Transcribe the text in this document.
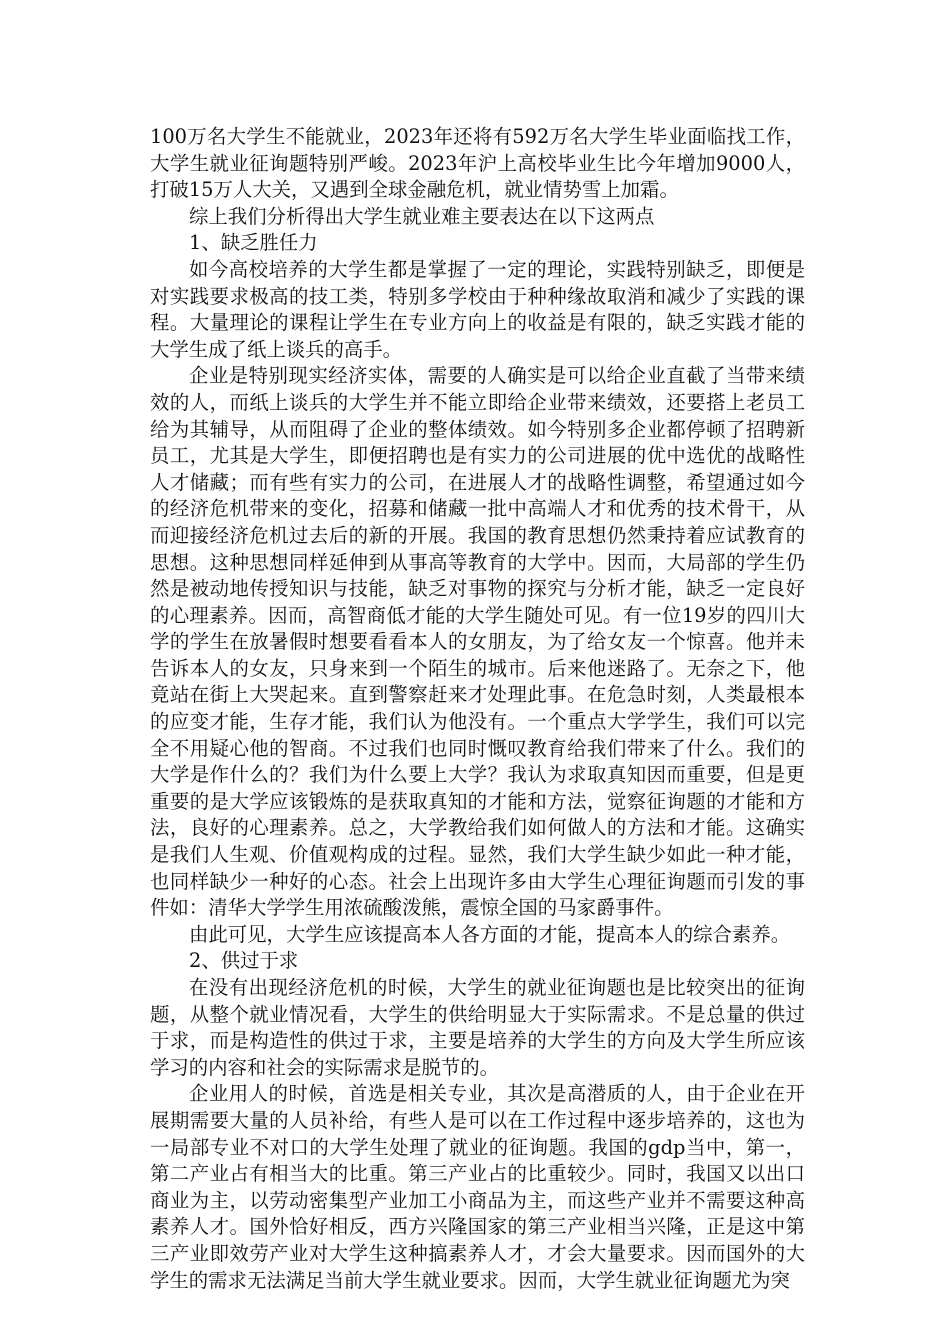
100万名大学生不能就业，2023年还将有592万名大学生毕业面临找工作，大学生就业征询题特别严峻。2023年沪上高校毕业生比今年增加9000人，打破15万人大关，又遇到全球金融危机，就业情势雪上加霜。

综上我们分析得出大学生就业难主要表达在以下这两点

1、缺乏胜任力

如今高校培养的大学生都是掌握了一定的理论，实践特别缺乏，即便是对实践要求极高的技工类，特别多学校由于种种缘故取消和减少了实践的课程。大量理论的课程让学生在专业方向上的收益是有限的，缺乏实践才能的大学生成了纸上谈兵的高手。

企业是特别现实经济实体，需要的人确实是可以给企业直截了当带来绩效的人，而纸上谈兵的大学生并不能立即给企业带来绩效，还要搭上老员工给为其辅导，从而阻碍了企业的整体绩效。如今特别多企业都停顿了招聘新员工，尤其是大学生，即便招聘也是有实力的公司进展的优中选优的战略性人才储藏；而有些有实力的公司，在进展人才的战略性调整，希望通过如今的经济危机带来的变化，招募和储藏一批中高端人才和优秀的技术骨干，从而迎接经济危机过去后的新的开展。我国的教育思想仍然秉持着应试教育的思想。这种思想同样延伸到从事高等教育的大学中。因而，大局部的学生仍然是被动地传授知识与技能，缺乏对事物的探究与分析才能，缺乏一定良好的心理素养。因而，高智商低才能的大学生随处可见。有一位19岁的四川大学的学生在放暑假时想要看看本人的女朋友，为了给女友一个惊喜。他并未告诉本人的女友，只身来到一个陌生的城市。后来他迷路了。无奈之下，他竟站在街上大哭起来。直到警察赶来才处理此事。在危急时刻，人类最根本的应变才能，生存才能，我们认为他没有。一个重点大学学生，我们可以完全不用疑心他的智商。不过我们也同时慨叹教育给我们带来了什么。我们的大学是作什么的？我们为什么要上大学？我认为求取真知因而重要，但是更重要的是大学应该锻炼的是获取真知的才能和方法，觉察征询题的才能和方法，良好的心理素养。总之，大学教给我们如何做人的方法和才能。这确实是我们人生观、价值观构成的过程。显然，我们大学生缺少如此一种才能，也同样缺少一种好的心态。社会上出现许多由大学生心理征询题而引发的事件如：清华大学学生用浓硫酸泼熊，震惊全国的马家爵事件。

由此可见，大学生应该提高本人各方面的才能，提高本人的综合素养。

2、供过于求

在没有出现经济危机的时候，大学生的就业征询题也是比较突出的征询题，从整个就业情况看，大学生的供给明显大于实际需求。不是总量的供过于求，而是构造性的供过于求，主要是培养的大学生的方向及大学生所应该学习的内容和社会的实际需求是脱节的。

企业用人的时候，首选是相关专业，其次是高潜质的人，由于企业在开展期需要大量的人员补给，有些人是可以在工作过程中逐步培养的，这也为一局部专业不对口的大学生处理了就业的征询题。我国的gdp当中，第一，第二产业占有相当大的比重。第三产业占的比重较少。同时，我国又以出口商业为主，以劳动密集型产业加工小商品为主，而这些产业并不需要这种高素养人才。国外恰好相反，西方兴隆国家的第三产业相当兴隆，正是这中第三产业即效劳产业对大学生这种搞素养人才，才会大量要求。因而国外的大学生的需求无法满足当前大学生就业要求。因而，大学生就业征询题尤为突
